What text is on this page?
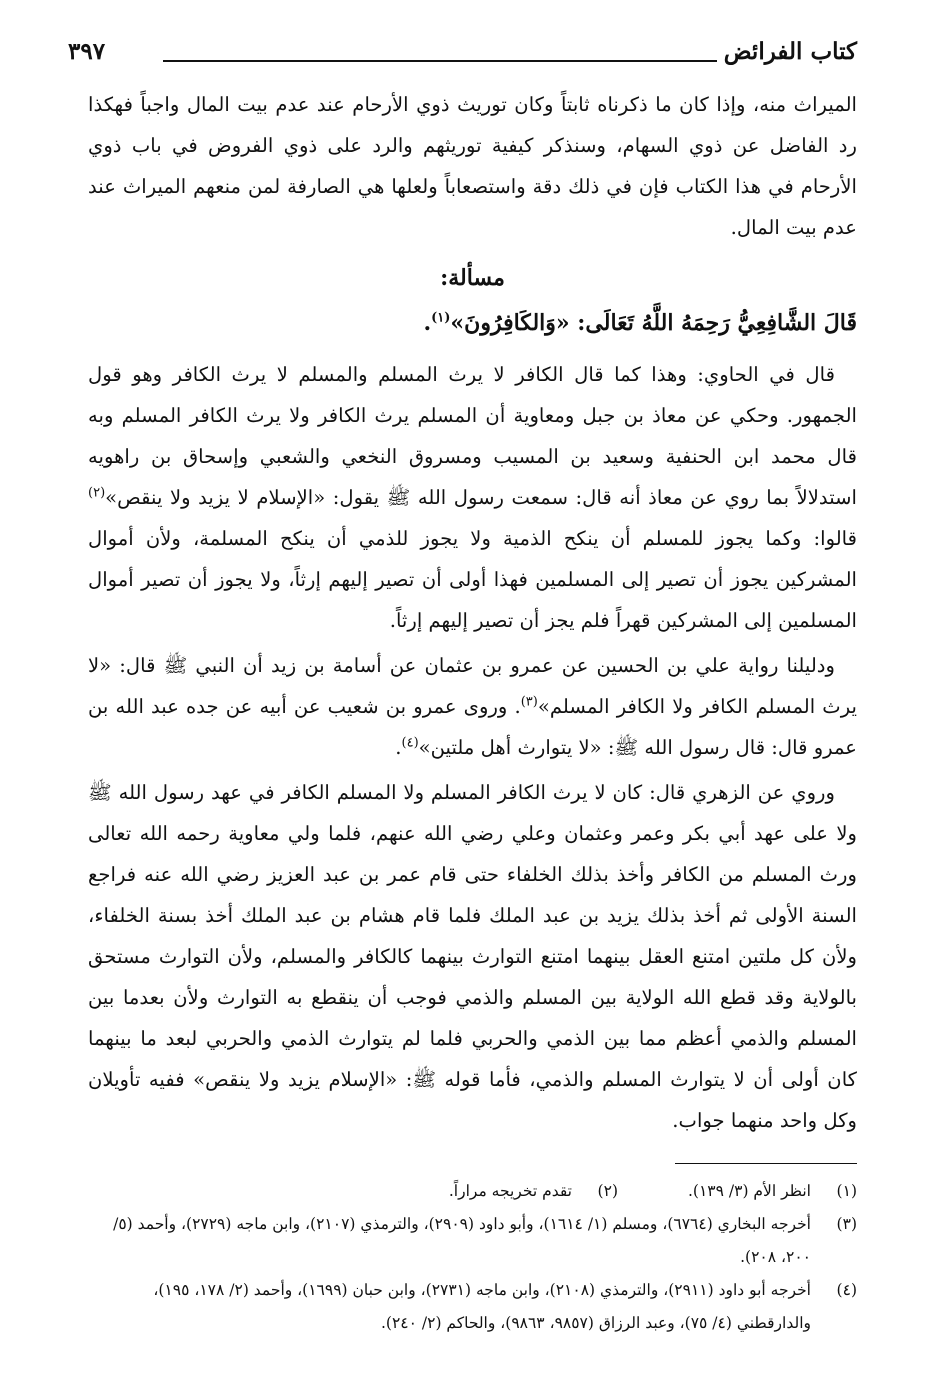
كتاب الفرائض
٣٩٧

الميراث منه، وإذا كان ما ذكرناه ثابتاً وكان توريث ذوي الأرحام عند عدم بيت المال واجباً فهكذا رد الفاضل عن ذوي السهام، وسنذكر كيفية توريثهم والرد على ذوي الفروض في باب ذوي الأرحام في هذا الكتاب فإن في ذلك دقة واستصعاباً ولعلها هي الصارفة لمن منعهم الميراث عند عدم بيت المال.

مسألة:
قَالَ الشَّافِعِيُّ رَحِمَهُ اللَّهُ تَعَالَى: «وَالكَافِرُونَ»$^{(١)}$.

قال في الحاوي: وهذا كما قال الكافر لا يرث المسلم والمسلم لا يرث الكافر وهو قول الجمهور. وحكي عن معاذ بن جبل ومعاوية أن المسلم يرث الكافر ولا يرث الكافر المسلم وبه قال محمد ابن الحنفية وسعيد بن المسيب ومسروق النخعي والشعبي وإسحاق بن راهويه استدلالاً بما روي عن معاذ أنه قال: سمعت رسول الله ﷺ يقول: «الإسلام لا يزيد ولا ينقص»$^{(٢)}$ قالوا: وكما يجوز للمسلم أن ينكح الذمية ولا يجوز للذمي أن ينكح المسلمة، ولأن أموال المشركين يجوز أن تصير إلى المسلمين فهذا أولى أن تصير إليهم إرثاً، ولا يجوز أن تصير أموال المسلمين إلى المشركين قهراً فلم يجز أن تصير إليهم إرثاً.

ودليلنا رواية علي بن الحسين عن عمرو بن عثمان عن أسامة بن زيد أن النبي ﷺ قال: «لا يرث المسلم الكافر ولا الكافر المسلم»$^{(٣)}$. وروى عمرو بن شعيب عن أبيه عن جده عبد الله بن عمرو قال: قال رسول الله ﷺ: «لا يتوارث أهل ملتين»$^{(٤)}$.

وروي عن الزهري قال: كان لا يرث الكافر المسلم ولا المسلم الكافر في عهد رسول الله ﷺ ولا على عهد أبي بكر وعمر وعثمان وعلي رضي الله عنهم، فلما ولي معاوية رحمه الله تعالى ورث المسلم من الكافر وأخذ بذلك الخلفاء حتى قام عمر بن عبد العزيز رضي الله عنه فراجع السنة الأولى ثم أخذ بذلك يزيد بن عبد الملك فلما قام هشام بن عبد الملك أخذ بسنة الخلفاء، ولأن كل ملتين امتنع العقل بينهما امتنع التوارث بينهما كالكافر والمسلم، ولأن التوارث مستحق بالولاية وقد قطع الله الولاية بين المسلم والذمي فوجب أن ينقطع به التوارث ولأن بعدما بين المسلم والذمي أعظم مما بين الذمي والحربي فلما لم يتوارث الذمي والحربي لبعد ما بينهما كان أولى أن لا يتوارث المسلم والذمي، فأما قوله ﷺ: «الإسلام يزيد ولا ينقص» ففيه تأويلان وكل واحد منهما جواب.

(١)
انظر الأم (٣/ ١٣٩).
(٢)
تقدم تخريجه مراراً.
(٣)
أخرجه البخاري (٦٧٦٤)، ومسلم (١/ ١٦١٤)، وأبو داود (٢٩٠٩)، والترمذي (٢١٠٧)، وابن ماجه (٢٧٢٩)، وأحمد (٥/ ٢٠٠، ٢٠٨).
(٤)
أخرجه أبو داود (٢٩١١)، والترمذي (٢١٠٨)، وابن ماجه (٢٧٣١)، وابن حبان (١٦٩٩)، وأحمد (٢/ ١٧٨، ١٩٥)، والدارقطني (٤/ ٧٥)، وعبد الرزاق (٩٨٥٧، ٩٨٦٣)، والحاكم (٢/ ٢٤٠).
